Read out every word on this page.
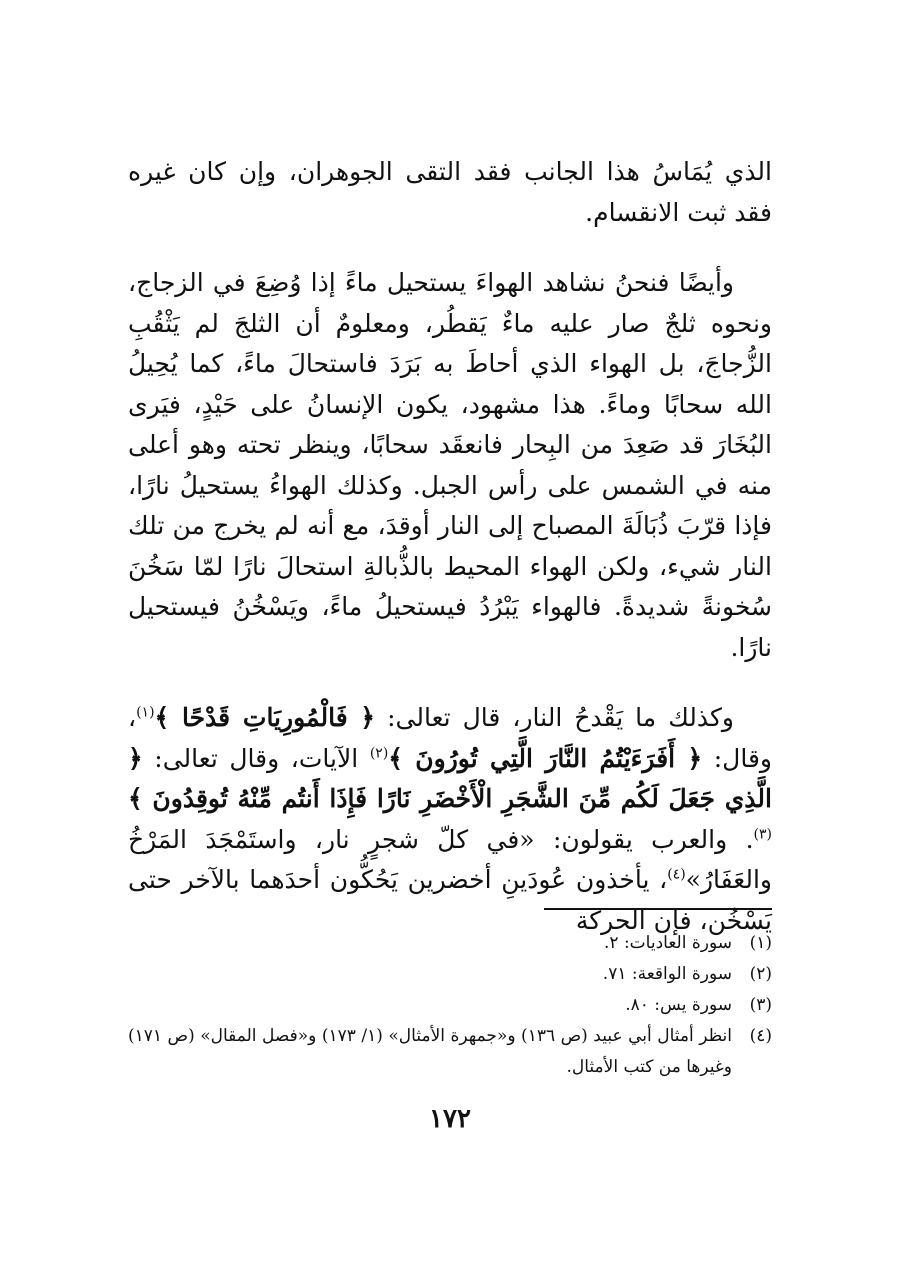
الذي يُمَاسُ هذا الجانب فقد التقى الجوهران، وإن كان غيره فقد ثبت الانقسام.

وأيضًا فنحنُ نشاهد الهواءَ يستحيل ماءً إذا وُضِعَ في الزجاج، ونحوه ثلجٌ صار عليه ماءٌ يَقطُر، ومعلومٌ أن الثلجَ لم يَثْقُبِ الزُّجاجَ، بل الهواء الذي أحاطَ به بَرَدَ فاستحالَ ماءً، كما يُحِيلُ الله سحابًا وماءً. هذا مشهود، يكون الإنسانُ على حَيْدٍ، فيَرى البُخَارَ قد صَعِدَ من البِحار فانعقَد سحابًا، وينظر تحته وهو أعلى منه في الشمس على رأس الجبل. وكذلك الهواءُ يستحيلُ نارًا، فإذا قرّبَ ذُبَالَةَ المصباح إلى النار أوقدَ، مع أنه لم يخرج من تلك النار شيء، ولكن الهواء المحيط بالذُّبالةِ استحالَ نارًا لمّا سَخُنَ سُخونةً شديدةً. فالهواء يَبْرُدُ فيستحيلُ ماءً، ويَسْخُنُ فيستحيل نارًا.

وكذلك ما يَقْدحُ النار، قال تعالى: ﴿ فَالْمُورِيَاتِ قَدْحًا ﴾$^{(١)}$، وقال: ﴿ أَفَرَءَيْتُمُ النَّارَ الَّتِي تُورُونَ ﴾$^{(٢)}$ الآيات، وقال تعالى: ﴿ الَّذِي جَعَلَ لَكُم مِّنَ الشَّجَرِ الْأَخْضَرِ نَارًا فَإِذَا أَنتُم مِّنْهُ تُوقِدُونَ ﴾$^{(٣)}$. والعرب يقولون: «في كلّ شجرٍ نار، واستَمْجَدَ المَرْخُ والعَفَارُ»$^{(٤)}$، يأخذون عُودَينِ أخضرين يَحُكُّون أحدَهما بالآخر حتى يَسْخُن، فإن الحركة

(١)
سورة العاديات: ٢.
(٢)
سورة الواقعة: ٧١.
(٣)
سورة يس: ٨٠.
(٤)
انظر أمثال أبي عبيد (ص ١٣٦) و«جمهرة الأمثال» (١/ ١٧٣) و«فصل المقال» (ص ١٧١) وغيرها من كتب الأمثال.
١٧٢
